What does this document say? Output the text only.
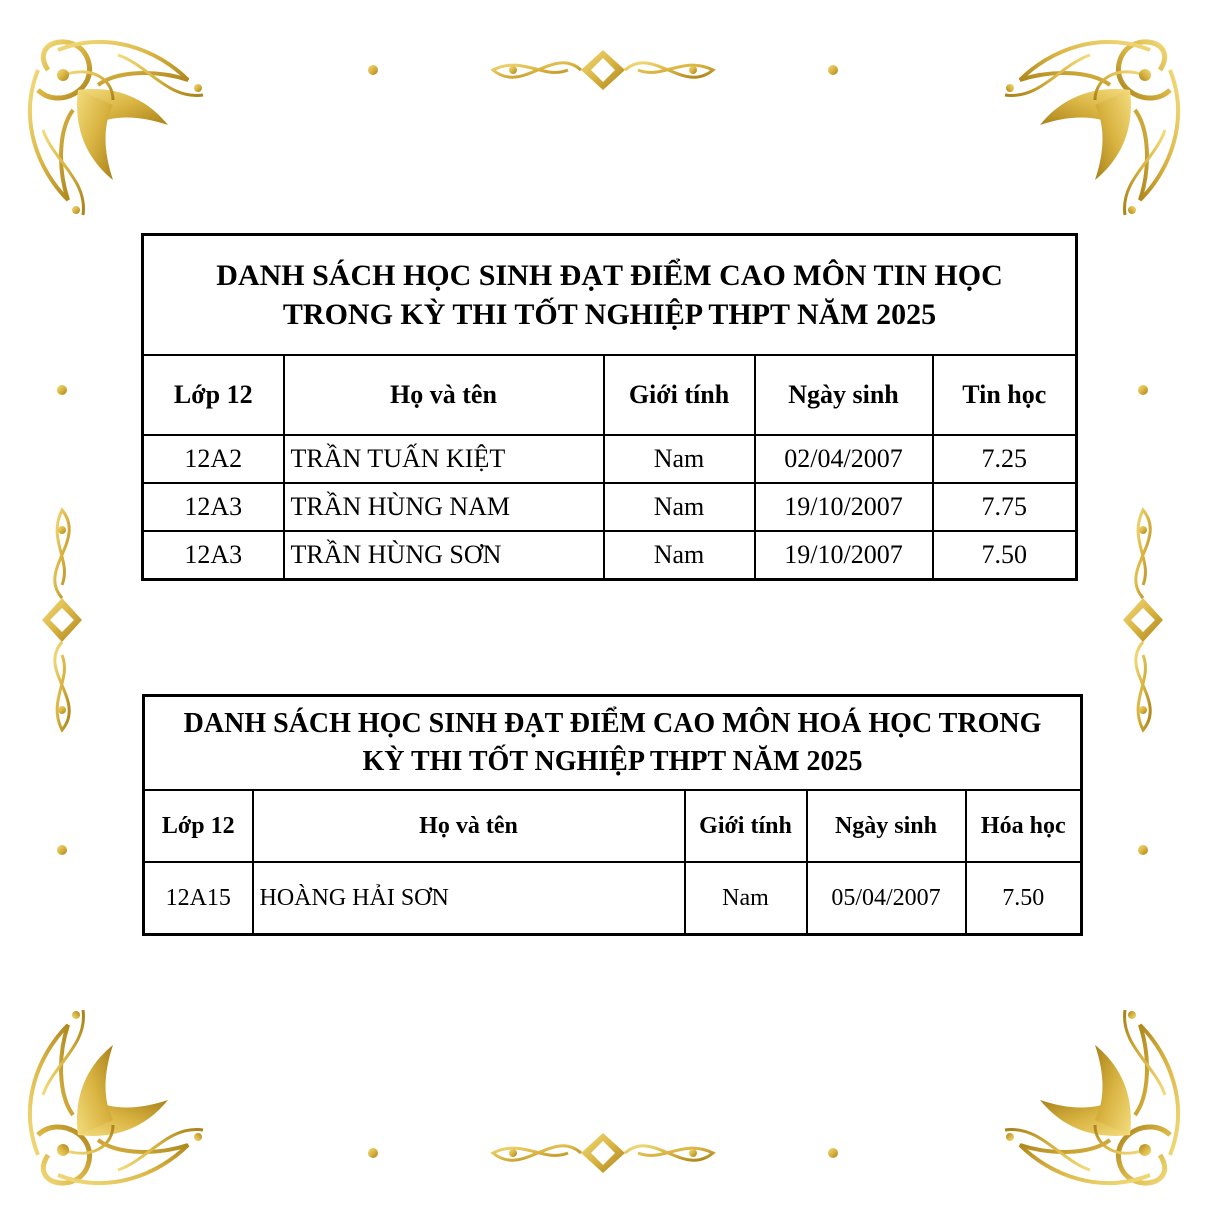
DANH SÁCH HỌC SINH ĐẠT ĐIỂM CAO MÔN TIN HỌC
TRONG KỲ THI TỐT NGHIỆP THPT NĂM 2025				
Lớp 12	Họ và tên	Giới tính	Ngày sinh	Tin học
12A2	TRẦN TUẤN KIỆT	Nam	02/04/2007	7.25
12A3	TRẦN HÙNG NAM	Nam	19/10/2007	7.75
12A3	TRẦN HÙNG SƠN	Nam	19/10/2007	7.50
DANH SÁCH HỌC SINH ĐẠT ĐIỂM CAO MÔN HOÁ HỌC TRONG
KỲ THI TỐT NGHIỆP THPT NĂM 2025				
Lớp 12	Họ và tên	Giới tính	Ngày sinh	Hóa học
12A15	HOÀNG HẢI SƠN	Nam	05/04/2007	7.50
